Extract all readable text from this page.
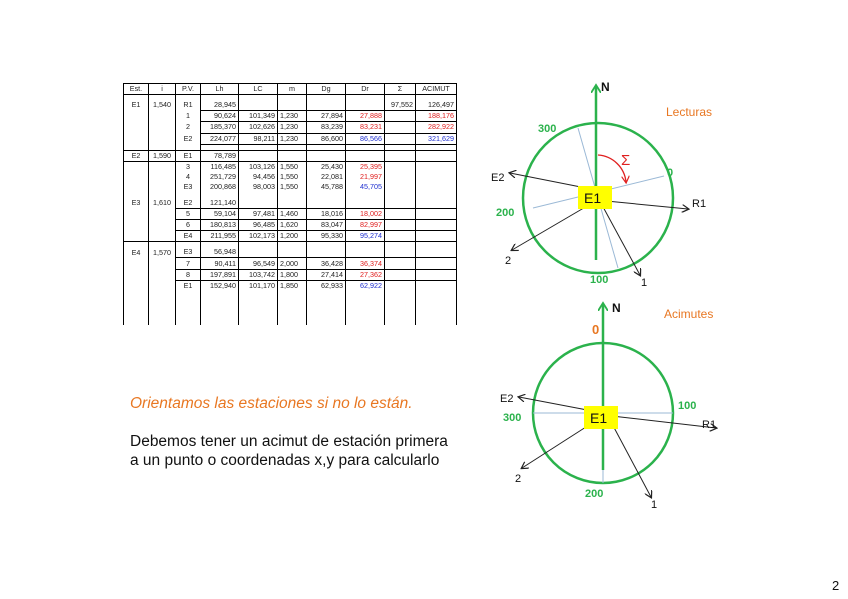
Est.	i	P.V.	Lh	LC	m	Dg	Dr	Σ	ACIMUT

E1	1,540	R1	28,945					97,552	126,497
		1	90,624	101,349	1,230	27,894	27,888		188,176
		2	185,370	102,626	1,230	83,239	83,231		282,922
		E2	224,077	98,211	1,230	86,600	86,566		321,629

E2	1,590	E1	78,789						
		3	116,485	103,126	1,550	25,430	25,395		
		4	251,729	94,456	1,550	22,081	21,997		
		E3	200,868	98,003	1,550	45,788	45,705		

E3	1,610	E2	121,140						
		5	59,104	97,481	1,460	18,016	18,002		
		6	180,813	96,485	1,620	83,047	82,997		
		E4	211,955	102,173	1,200	95,330	95,274		

E4	1,570	E3	56,948						
		7	90,411	96,549	2,000	36,428	36,374		
		8	197,891	103,742	1,800	27,414	27,362		
		E1	152,940	101,170	1,850	62,933	62,922		

Orientamos las estaciones si no lo están.
Debemos tener un acimut de estación primera
a un punto o coordenadas x,y para calcularlo
Lecturas
N
Σ
E1
0
100
200
300
E2
R1
2
1
Acimutes
N
E1
0
100
200
300
E2
R1
2
1
2
